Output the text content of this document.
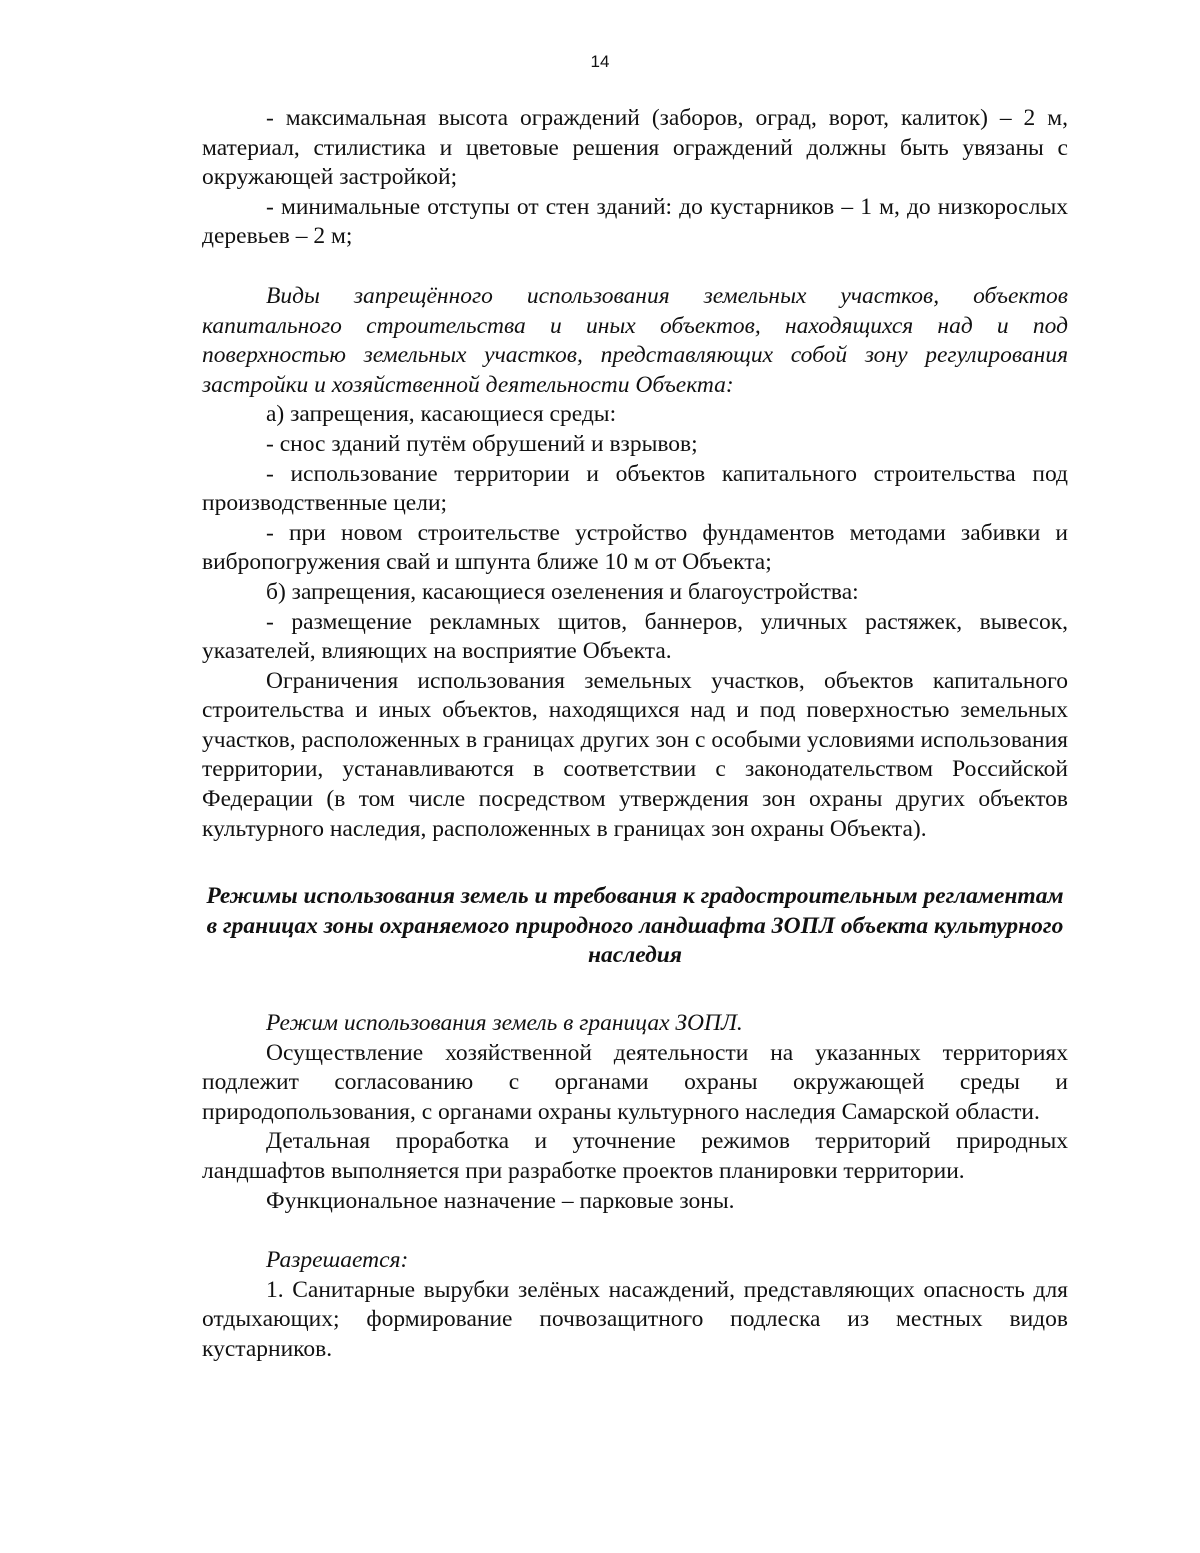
14

- максимальная высота ограждений (заборов, оград, ворот, калиток) – 2 м, материал, стилистика и цветовые решения ограждений должны быть увязаны с окружающей застройкой;

- минимальные отступы от стен зданий: до кустарников – 1 м, до низкорослых деревьев – 2 м;

Виды запрещённого использования земельных участков, объектов капитального строительства и иных объектов, находящихся над и под поверхностью земельных участков, представляющих собой зону регулирования застройки и хозяйственной деятельности Объекта:

а) запрещения, касающиеся среды:

- снос зданий путём обрушений и взрывов;

- использование территории и объектов капитального строительства под производственные цели;

- при новом строительстве устройство фундаментов методами забивки и вибропогружения свай и шпунта ближе 10 м от Объекта;

б) запрещения, касающиеся озеленения и благоустройства:

- размещение рекламных щитов, баннеров, уличных растяжек, вывесок, указателей, влияющих на восприятие Объекта.

Ограничения использования земельных участков, объектов капитального строительства и иных объектов, находящихся над и под поверхностью земельных участков, расположенных в границах других зон с особыми условиями использования территории, устанавливаются в соответствии с законодательством Российской Федерации (в том числе посредством утверждения зон охраны других объектов культурного наследия, расположенных в границах зон охраны Объекта).

Режимы использования земель и требования к градостроительным регламентам в границах зоны охраняемого природного ландшафта ЗОПЛ объекта культурного наследия

Режим использования земель в границах ЗОПЛ.

Осуществление хозяйственной деятельности на указанных территориях подлежит согласованию с органами охраны окружающей среды и природопользования, с органами охраны культурного наследия Самарской области.

Детальная проработка и уточнение режимов территорий природных ландшафтов выполняется при разработке проектов планировки территории.

Функциональное назначение – парковые зоны.

Разрешается:

1. Санитарные вырубки зелёных насаждений, представляющих опасность для отдыхающих; формирование почвозащитного подлеска из местных видов кустарников.
